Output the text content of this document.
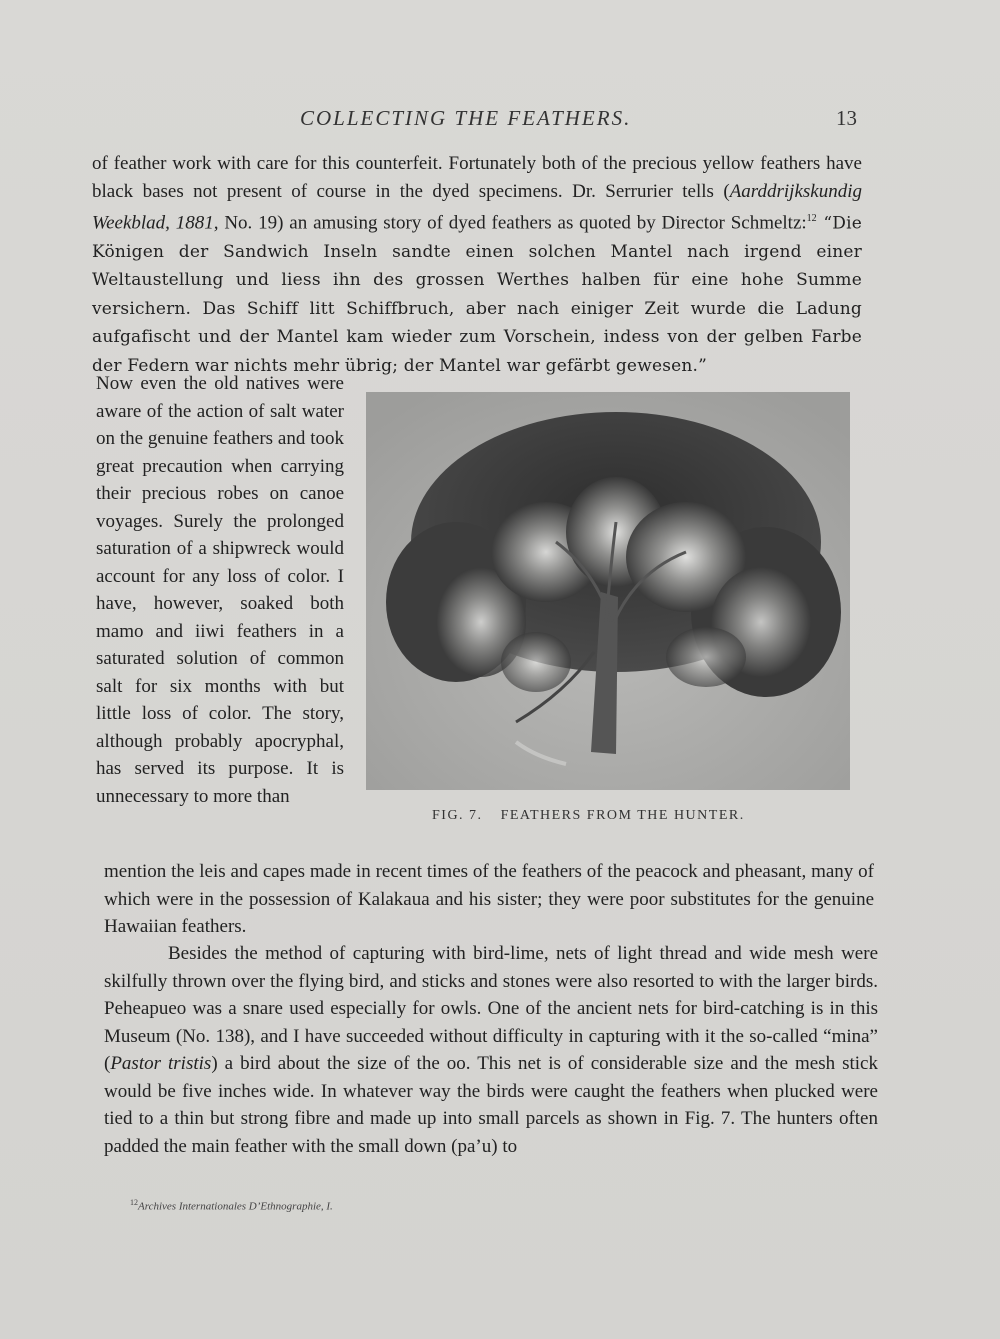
COLLECTING THE FEATHERS.	13

of feather work with care for this counterfeit. Fortunately both of the precious yellow feathers have black bases not present of course in the dyed specimens. Dr. Serrurier tells (Aarddrijkskundig Weekblad, 1881, No. 19) an amusing story of dyed feathers as quoted by Director Schmeltz:$^{12}$ “Die Königen der Sandwich Inseln sandte einen solchen Mantel nach irgend einer Weltaustellung und liess ihn des grossen Werthes halben für eine hohe Summe versichern. Das Schiff litt Schiffbruch, aber nach einiger Zeit wurde die Ladung aufgafischt und der Mantel kam wieder zum Vorschein, indess von der gelben Farbe der Federn war nichts mehr übrig; der Mantel war gefärbt gewesen.”

Now even the old natives were aware of the action of salt water on the genuine feathers and took great precaution when carrying their precious robes on canoe voyages. Surely the prolonged saturation of a shipwreck would account for any loss of color. I have, however, soaked both mamo and iiwi feathers in a saturated solution of common salt for six months with but little loss of color. The story, although probably apocryphal, has served its purpose. It is unnecessary to more than

FIG. 7. FEATHERS FROM THE HUNTER.

mention the leis and capes made in recent times of the feathers of the peacock and pheasant, many of which were in the possession of Kalakaua and his sister; they were poor substitutes for the genuine Hawaiian feathers.

Besides the method of capturing with bird-lime, nets of light thread and wide mesh were skilfully thrown over the flying bird, and sticks and stones were also resorted to with the larger birds. Peheapueo was a snare used especially for owls. One of the ancient nets for bird-catching is in this Museum (No. 138), and I have succeeded without difficulty in capturing with it the so-called “mina” (Pastor tristis) a bird about the size of the oo. This net is of considerable size and the mesh stick would be five inches wide. In whatever way the birds were caught the feathers when plucked were tied to a thin but strong fibre and made up into small parcels as shown in Fig. 7. The hunters often padded the main feather with the small down (pa’u) to

$^{12}$Archives Internationales D’Ethnographie, I.
